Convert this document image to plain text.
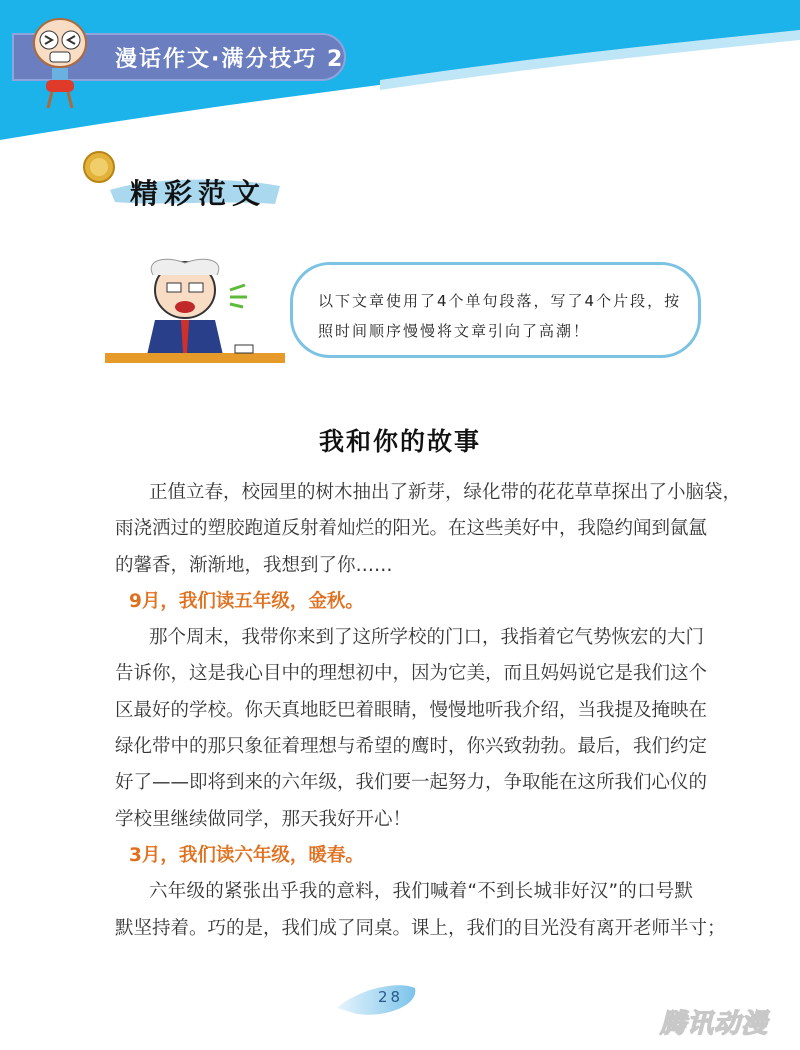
漫话作文·满分技巧 2
精彩范文
以下文章使用了4个单句段落，写了4个片段，按
照时间顺序慢慢将文章引向了高潮！
我和你的故事
正值立春，校园里的树木抽出了新芽，绿化带的花花草草探出了小脑袋，
雨浇洒过的塑胶跑道反射着灿烂的阳光。在这些美好中，我隐约闻到氤氲
的馨香，渐渐地，我想到了你……
9月，我们读五年级，金秋。
那个周末，我带你来到了这所学校的门口，我指着它气势恢宏的大门
告诉你，这是我心目中的理想初中，因为它美，而且妈妈说它是我们这个
区最好的学校。你天真地眨巴着眼睛，慢慢地听我介绍，当我提及掩映在
绿化带中的那只象征着理想与希望的鹰时，你兴致勃勃。最后，我们约定
好了——即将到来的六年级，我们要一起努力，争取能在这所我们心仪的
学校里继续做同学，那天我好开心！
3月，我们读六年级，暖春。
六年级的紧张出乎我的意料，我们喊着“不到长城非好汉”的口号默
默坚持着。巧的是，我们成了同桌。课上，我们的目光没有离开老师半寸；
28
腾讯动漫
